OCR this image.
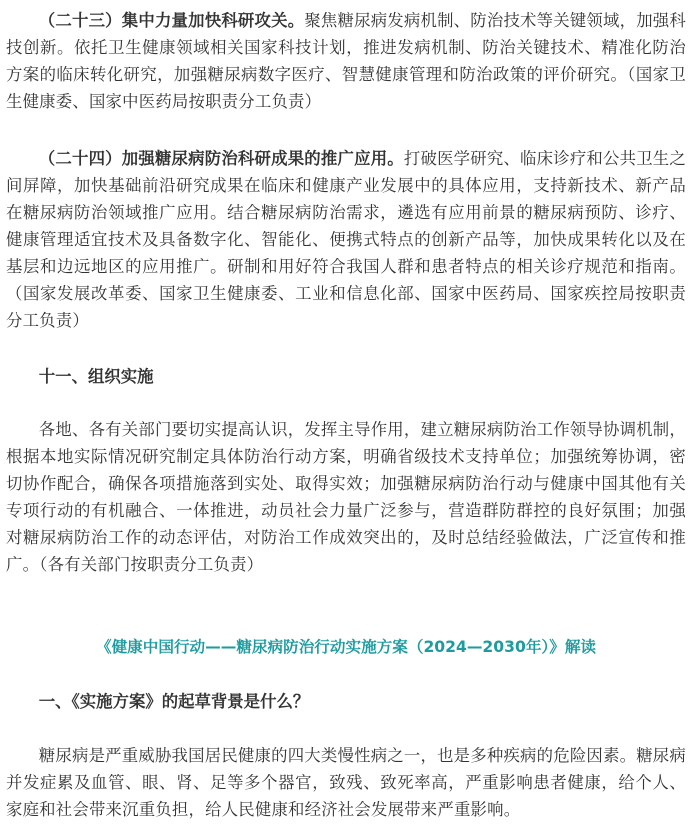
（二十三）集中力量加快科研攻关。聚焦糖尿病发病机制、防治技术等关键领域，加强科技创新。依托卫生健康领域相关国家科技计划，推进发病机制、防治关键技术、精准化防治方案的临床转化研究，加强糖尿病数字医疗、智慧健康管理和防治政策的评价研究。（国家卫生健康委、国家中医药局按职责分工负责）

（二十四）加强糖尿病防治科研成果的推广应用。打破医学研究、临床诊疗和公共卫生之间屏障，加快基础前沿研究成果在临床和健康产业发展中的具体应用，支持新技术、新产品在糖尿病防治领域推广应用。结合糖尿病防治需求，遴选有应用前景的糖尿病预防、诊疗、健康管理适宜技术及具备数字化、智能化、便携式特点的创新产品等，加快成果转化以及在基层和边远地区的应用推广。研制和用好符合我国人群和患者特点的相关诊疗规范和指南。（国家发展改革委、国家卫生健康委、工业和信息化部、国家中医药局、国家疾控局按职责分工负责）

十一、组织实施

各地、各有关部门要切实提高认识，发挥主导作用，建立糖尿病防治工作领导协调机制，根据本地实际情况研究制定具体防治行动方案，明确省级技术支持单位；加强统筹协调，密切协作配合，确保各项措施落到实处、取得实效；加强糖尿病防治行动与健康中国其他有关专项行动的有机融合、一体推进，动员社会力量广泛参与，营造群防群控的良好氛围；加强对糖尿病防治工作的动态评估，对防治工作成效突出的，及时总结经验做法，广泛宣传和推广。（各有关部门按职责分工负责）

《健康中国行动——糖尿病防治行动实施方案（2024—2030年）》解读

一、《实施方案》的起草背景是什么？

糖尿病是严重威胁我国居民健康的四大类慢性病之一，也是多种疾病的危险因素。糖尿病并发症累及血管、眼、肾、足等多个器官，致残、致死率高，严重影响患者健康，给个人、家庭和社会带来沉重负担，给人民健康和经济社会发展带来严重影响。
